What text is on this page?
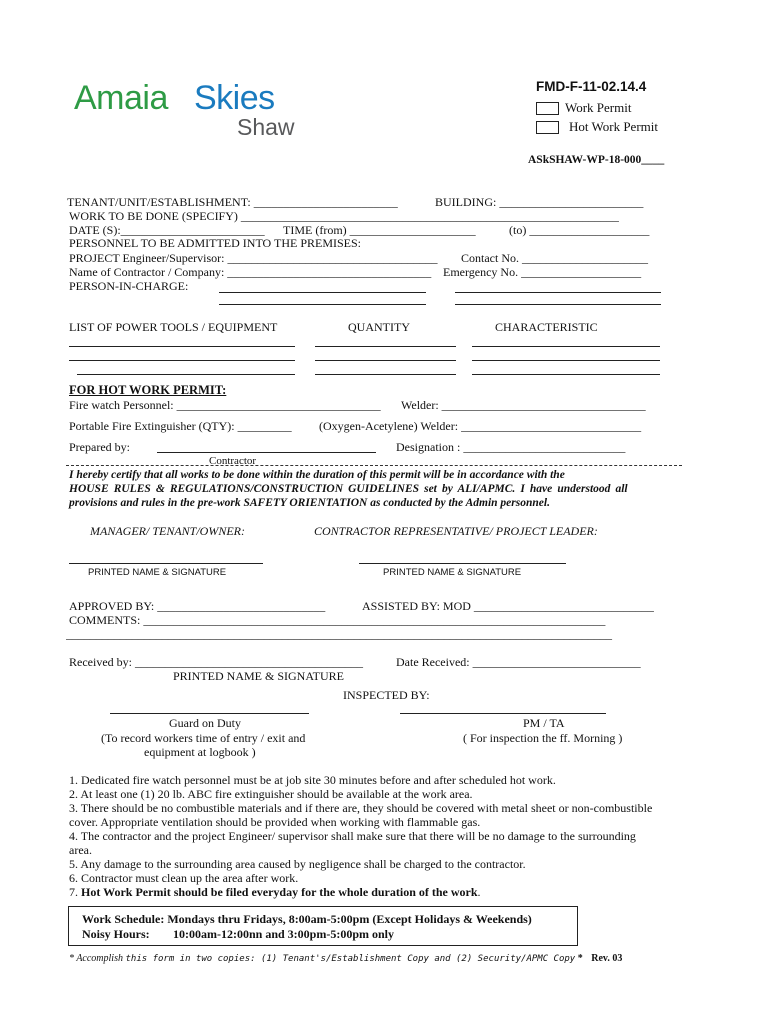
Amaia Skies
Shaw
FMD-F-11-02.14.4
Work Permit
Hot Work Permit
ASkSHAW-WP-18-000____
TENANT/UNIT/ESTABLISHMENT: ________________________	BUILDING: ________________________
WORK TO BE DONE (SPECIFY) _______________________________________________________________
DATE (S):________________________ TIME (from) _____________________	(to) ____________________
PERSONNEL TO BE ADMITTED INTO THE PREMISES:
PROJECT Engineer/Supervisor: ___________________________________ Contact No. _____________________
Name of Contractor / Company: __________________________________ Emergency No. ____________________
PERSON-IN-CHARGE:
LIST OF POWER TOOLS / EQUIPMENT	QUANTITY	CHARACTERISTIC
FOR HOT WORK PERMIT:
Fire watch Personnel: __________________________________ Welder: __________________________________
Portable Fire Extinguisher (QTY): _________ (Oxygen-Acetylene) Welder: ______________________________
Prepared by:	Designation : ___________________________
Contractor
I hereby certify that all works to be done within the duration of this permit will be in accordance with the
HOUSE RULES & REGULATIONS/CONSTRUCTION GUIDELINES set by ALI/APMC. I have understood all
provisions and rules in the pre-work SAFETY ORIENTATION as conducted by the Admin personnel.
MANAGER/ TENANT/OWNER:	CONTRACTOR REPRESENTATIVE/ PROJECT LEADER:
PRINTED NAME & SIGNATURE	PRINTED NAME & SIGNATURE
APPROVED BY: ____________________________	ASSISTED BY: MOD ______________________________
COMMENTS: _____________________________________________________________________________
___________________________________________________________________________________________
Received by: ______________________________________	Date Received: ____________________________
PRINTED NAME & SIGNATURE
INSPECTED BY:
Guard on Duty
(To record workers time of entry / exit and
equipment at logbook )
PM / TA
( For inspection the ff. Morning )
1. Dedicated fire watch personnel must be at job site 30 minutes before and after scheduled hot work.
2. At least one (1) 20 lb. ABC fire extinguisher should be available at the work area.
3. There should be no combustible materials and if there are, they should be covered with metal sheet or non-combustible
cover. Appropriate ventilation should be provided when working with flammable gas.
4. The contractor and the project Engineer/ supervisor shall make sure that there will be no damage to the surrounding
area.
5. Any damage to the surrounding area caused by negligence shall be charged to the contractor.
6. Contractor must clean up the area after work.
7. Hot Work Permit should be filed everyday for the whole duration of the work.
Work Schedule: Mondays thru Fridays, 8:00am-5:00pm (Except Holidays & Weekends)
Noisy Hours: 10:00am-12:00nn and 3:00pm-5:00pm only
* Accomplish this form in two copies: (1) Tenant's/Establishment Copy and (2) Security/APMC Copy * Rev. 03
